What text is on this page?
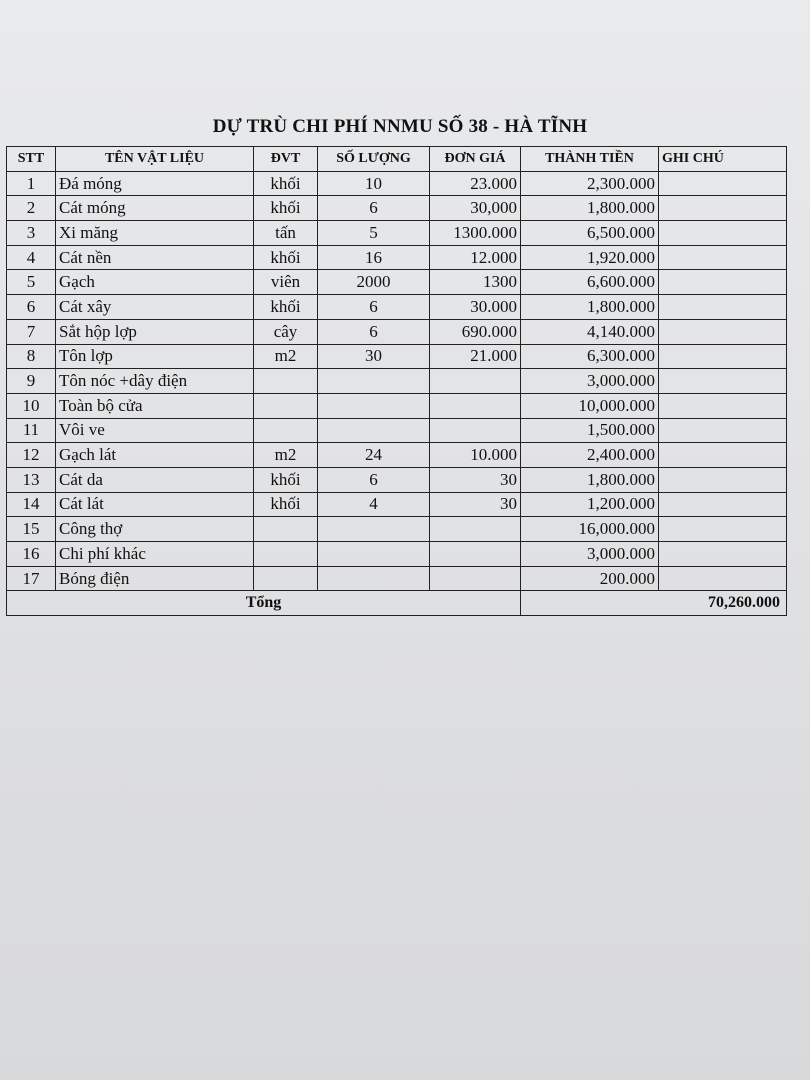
DỰ TRÙ CHI PHÍ NNMU SỐ 38 - HÀ TĨNH
STT	TÊN VẬT LIỆU	ĐVT	SỐ LƯỢNG	ĐƠN GIÁ	THÀNH TIỀN	GHI CHÚ
1	Đá móng	khối	10	23.000	2,300.000	
2	Cát móng	khối	6	30,000	1,800.000	
3	Xi măng	tấn	5	1300.000	6,500.000	
4	Cát nền	khối	16	12.000	1,920.000	
5	Gạch	viên	2000	1300	6,600.000	
6	Cát xây	khối	6	30.000	1,800.000	
7	Sắt hộp lợp	cây	6	690.000	4,140.000	
8	Tôn lợp	m2	30	21.000	6,300.000	
9	Tôn nóc +dây điện				3,000.000	
10	Toàn bộ cửa				10,000.000	
11	Vôi ve				1,500.000	
12	Gạch lát	m2	24	10.000	2,400.000	
13	Cát da	khối	6	30	1,800.000	
14	Cát lát	khối	4	30	1,200.000	
15	Công thợ				16,000.000	
16	Chi phí khác				3,000.000	
17	Bóng điện				200.000	
Tổng					70,260.000	
